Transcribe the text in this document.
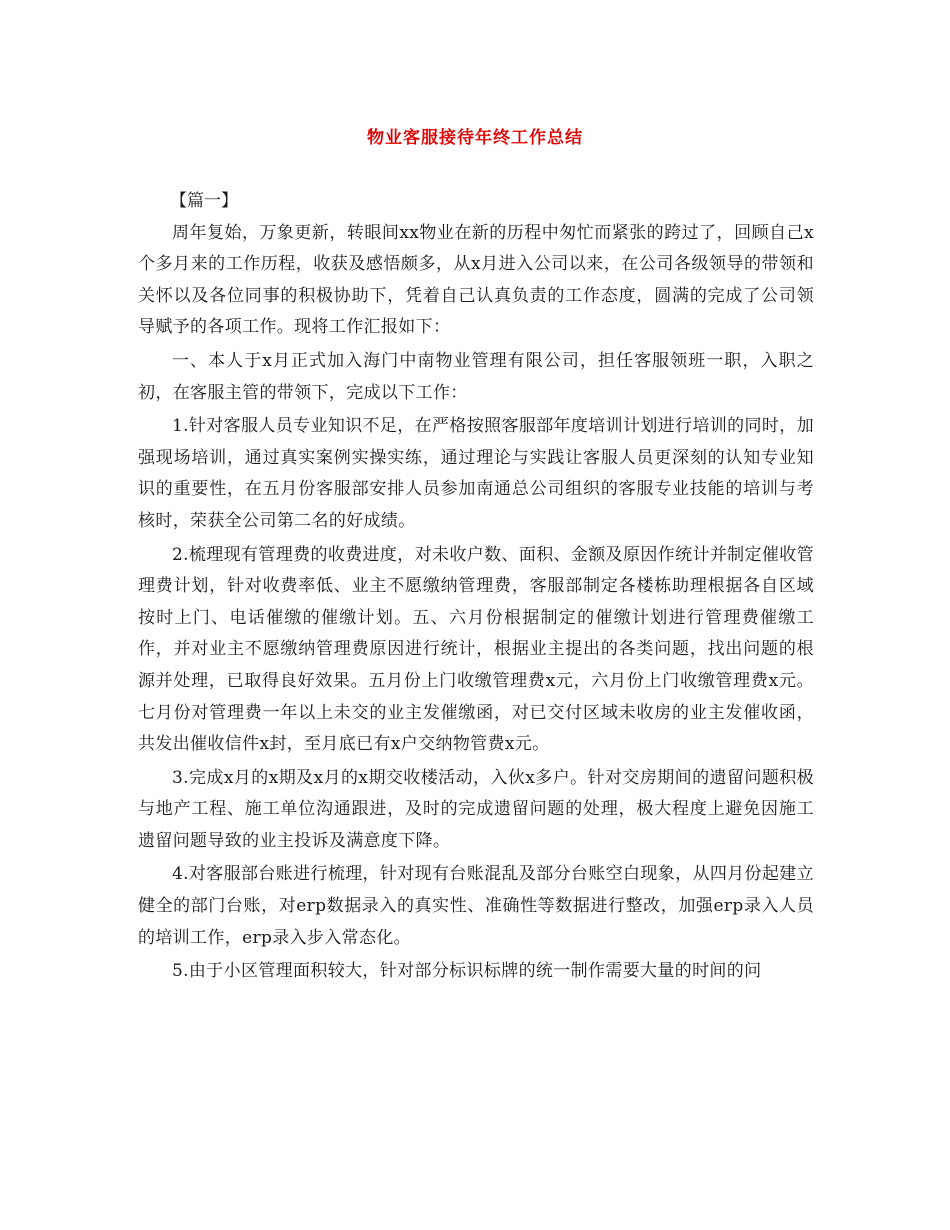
物业客服接待年终工作总结

【篇一】

周年复始，万象更新，转眼间xx物业在新的历程中匆忙而紧张的跨过了，回顾自己x个多月来的工作历程，收获及感悟颇多，从x月进入公司以来，在公司各级领导的带领和关怀以及各位同事的积极协助下，凭着自己认真负责的工作态度，圆满的完成了公司领导赋予的各项工作。现将工作汇报如下：

一、本人于x月正式加入海门中南物业管理有限公司，担任客服领班一职，入职之初，在客服主管的带领下，完成以下工作：

1.针对客服人员专业知识不足，在严格按照客服部年度培训计划进行培训的同时，加强现场培训，通过真实案例实操实练，通过理论与实践让客服人员更深刻的认知专业知识的重要性，在五月份客服部安排人员参加南通总公司组织的客服专业技能的培训与考核时，荣获全公司第二名的好成绩。

2.梳理现有管理费的收费进度，对未收户数、面积、金额及原因作统计并制定催收管理费计划，针对收费率低、业主不愿缴纳管理费，客服部制定各楼栋助理根据各自区域按时上门、电话催缴的催缴计划。五、六月份根据制定的催缴计划进行管理费催缴工作，并对业主不愿缴纳管理费原因进行统计，根据业主提出的各类问题，找出问题的根源并处理，已取得良好效果。五月份上门收缴管理费x元，六月份上门收缴管理费x元。七月份对管理费一年以上未交的业主发催缴函，对已交付区域未收房的业主发催收函，共发出催收信件x封，至月底已有x户交纳物管费x元。

3.完成x月的x期及x月的x期交收楼活动，入伙x多户。针对交房期间的遗留问题积极与地产工程、施工单位沟通跟进，及时的完成遗留问题的处理，极大程度上避免因施工遗留问题导致的业主投诉及满意度下降。

4.对客服部台账进行梳理，针对现有台账混乱及部分台账空白现象，从四月份起建立健全的部门台账，对erp数据录入的真实性、准确性等数据进行整改，加强erp录入人员的培训工作，erp录入步入常态化。

5.由于小区管理面积较大，针对部分标识标牌的统一制作需要大量的时间的问
